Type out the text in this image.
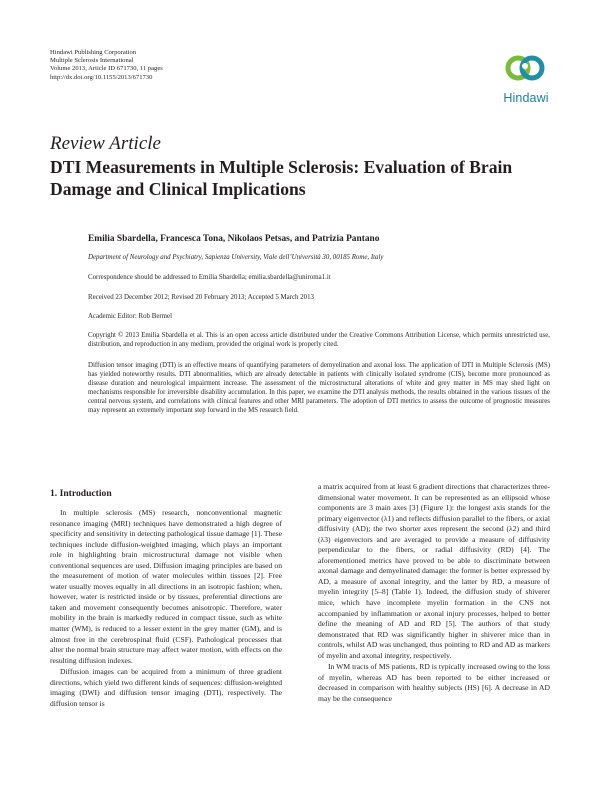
Hindawi Publishing Corporation
Multiple Sclerosis International
Volume 2013, Article ID 671730, 11 pages
http://dx.doi.org/10.1155/2013/671730
Hindawi
Review Article
DTI Measurements in Multiple Sclerosis: Evaluation of Brain Damage and Clinical Implications
Emilia Sbardella, Francesca Tona, Nikolaos Petsas, and Patrizia Pantano
Department of Neurology and Psychiatry, Sapienza University, Viale dell’Università 30, 00185 Rome, Italy
Correspondence should be addressed to Emilia Sbardella; emilia.sbardella@uniroma1.it
Received 23 December 2012; Revised 20 February 2013; Accepted 5 March 2013
Academic Editor: Rob Bermel
Copyright © 2013 Emilia Sbardella et al. This is an open access article distributed under the Creative Commons Attribution License, which permits unrestricted use, distribution, and reproduction in any medium, provided the original work is properly cited.
Diffusion tensor imaging (DTI) is an effective means of quantifying parameters of demyelination and axonal loss. The application of DTI in Multiple Sclerosis (MS) has yielded noteworthy results. DTI abnormalities, which are already detectable in patients with clinically isolated syndrome (CIS), become more pronounced as disease duration and neurological impairment increase. The assessment of the microstructural alterations of white and grey matter in MS may shed light on mechanisms responsible for irreversible disability accumulation. In this paper, we examine the DTI analysis methods, the results obtained in the various tissues of the central nervous system, and correlations with clinical features and other MRI parameters. The adoption of DTI metrics to assess the outcome of prognostic measures may represent an extremely important step forward in the MS research field.
1. Introduction

In multiple sclerosis (MS) research, nonconventional magnetic resonance imaging (MRI) techniques have demonstrated a high degree of specificity and sensitivity in detecting pathological tissue damage [1]. These techniques include diffusion-weighted imaging, which plays an important role in highlighting brain microstructural damage not visible when conventional sequences are used. Diffusion imaging principles are based on the measurement of motion of water molecules within tissues [2]. Free water usually moves equally in all directions in an isotropic fashion; when, however, water is restricted inside or by tissues, preferential directions are taken and movement consequently becomes anisotropic. Therefore, water mobility in the brain is markedly reduced in compact tissue, such as white matter (WM), is reduced to a lesser extent in the grey matter (GM), and is almost free in the cerebrospinal fluid (CSF). Pathological processes that alter the normal brain structure may affect water motion, with effects on the resulting diffusion indexes.

Diffusion images can be acquired from a minimum of three gradient directions, which yield two different kinds of sequences: diffusion-weighted imaging (DWI) and diffusion tensor imaging (DTI), respectively. The diffusion tensor is

a matrix acquired from at least 6 gradient directions that characterizes three-dimensional water movement. It can be represented as an ellipsoid whose components are 3 main axes [3] (Figure 1): the longest axis stands for the primary eigenvector (λ1) and reflects diffusion parallel to the fibers, or axial diffusivity (AD); the two shorter axes represent the second (λ2) and third (λ3) eigenvectors and are averaged to provide a measure of diffusivity perpendicular to the fibers, or radial diffusivity (RD) [4]. The aforementioned metrics have proved to be able to discriminate between axonal damage and demyelinated damage: the former is better expressed by AD, a measure of axonal integrity, and the latter by RD, a measure of myelin integrity [5–8] (Table 1). Indeed, the diffusion study of shiverer mice, which have incomplete myelin formation in the CNS not accompanied by inflammation or axonal injury processes, helped to better define the meaning of AD and RD [5]. The authors of that study demonstrated that RD was significantly higher in shiverer mice than in controls, whilst AD was unchanged, thus pointing to RD and AD as markers of myelin and axonal integrity, respectively.

In WM tracts of MS patients, RD is typically increased owing to the loss of myelin, whereas AD has been reported to be either increased or decreased in comparison with healthy subjects (HS) [6]. A decrease in AD may be the consequence
